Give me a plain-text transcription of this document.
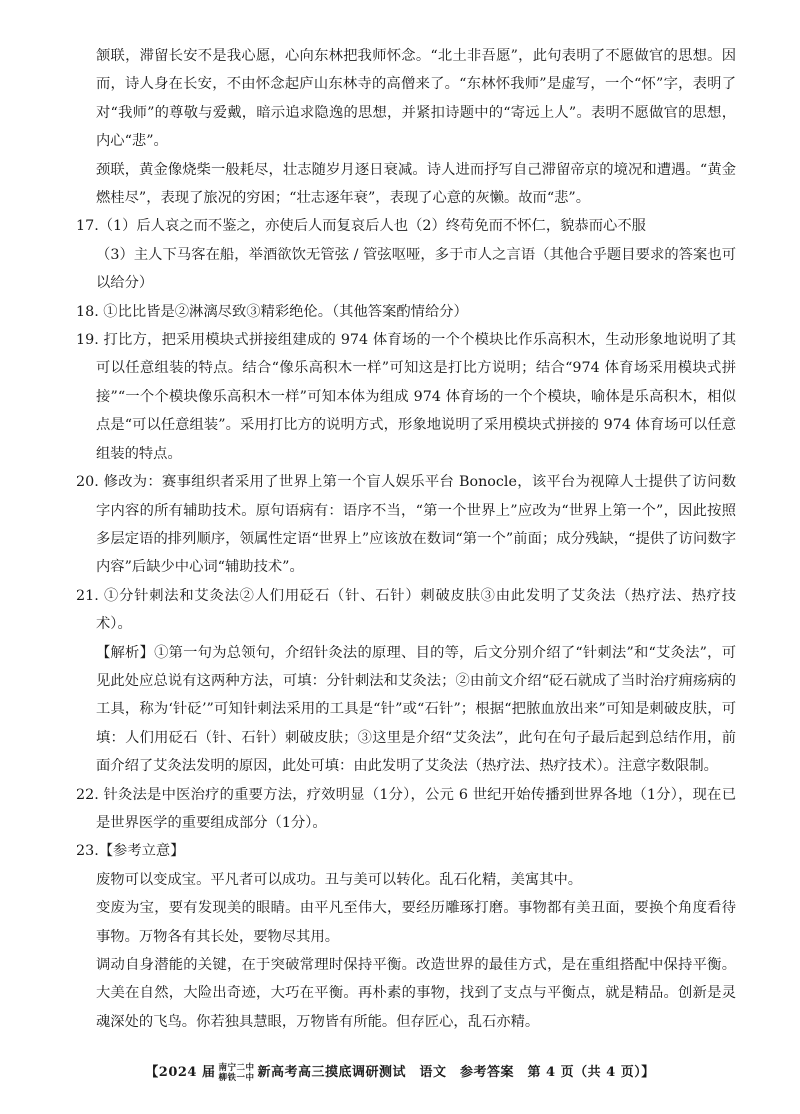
颔联，滞留长安不是我心愿，心向东林把我师怀念。“北土非吾愿”，此句表明了不愿做官的思想。因而，诗人身在长安，不由怀念起庐山东林寺的高僧来了。“东林怀我师”是虚写，一个“怀”字，表明了对“我师”的尊敬与爱戴，暗示追求隐逸的思想，并紧扣诗题中的“寄远上人”。表明不愿做官的思想，内心“悲”。

颈联，黄金像烧柴一般耗尽，壮志随岁月逐日衰减。诗人进而抒写自己滞留帝京的境况和遭遇。“黄金燃桂尽”，表现了旅况的穷困；“壮志逐年衰”，表现了心意的灰懒。故而“悲”。

17.（1）后人哀之而不鉴之，亦使后人而复哀后人也（2）终苟免而不怀仁，貌恭而心不服

（3）主人下马客在船，举酒欲饮无管弦 / 管弦呕哑，多于市人之言语（其他合乎题目要求的答案也可以给分）

18. ①比比皆是②淋漓尽致③精彩绝伦。（其他答案酌情给分）

19. 打比方，把采用模块式拼接组建成的 974 体育场的一个个模块比作乐高积木，生动形象地说明了其可以任意组装的特点。结合“像乐高积木一样”可知这是打比方说明；结合“974 体育场采用模块式拼接”“一个个模块像乐高积木一样”可知本体为组成 974 体育场的一个个模块，喻体是乐高积木，相似点是“可以任意组装”。采用打比方的说明方式，形象地说明了采用模块式拼接的 974 体育场可以任意组装的特点。

20. 修改为：赛事组织者采用了世界上第一个盲人娱乐平台 Bonocle，该平台为视障人士提供了访问数字内容的所有辅助技术。原句语病有：语序不当，“第一个世界上”应改为“世界上第一个”，因此按照多层定语的排列顺序，领属性定语“世界上”应该放在数词“第一个”前面；成分残缺，“提供了访问数字内容”后缺少中心词“辅助技术”。

21. ①分针刺法和艾灸法②人们用砭石（针、石针）刺破皮肤③由此发明了艾灸法（热疗法、热疗技术）。

【解析】①第一句为总领句，介绍针灸法的原理、目的等，后文分别介绍了“针刺法”和“艾灸法”，可见此处应总说有这两种方法，可填：分针刺法和艾灸法；②由前文介绍“砭石就成了当时治疗痈疡病的工具，称为‘针砭’”可知针刺法采用的工具是“针”或“石针”；根据“把脓血放出来”可知是刺破皮肤，可填：人们用砭石（针、石针）刺破皮肤；③这里是介绍“艾灸法”，此句在句子最后起到总结作用，前面介绍了艾灸法发明的原因，此处可填：由此发明了艾灸法（热疗法、热疗技术）。注意字数限制。

22. 针灸法是中医治疗的重要方法，疗效明显（1分），公元 6 世纪开始传播到世界各地（1分），现在已是世界医学的重要组成部分（1分）。

23.【参考立意】

废物可以变成宝。平凡者可以成功。丑与美可以转化。乱石化精，美寓其中。

变废为宝，要有发现美的眼睛。由平凡至伟大，要经历雕琢打磨。事物都有美丑面，要换个角度看待事物。万物各有其长处，要物尽其用。

调动自身潜能的关键，在于突破常理时保持平衡。改造世界的最佳方式，是在重组搭配中保持平衡。大美在自然，大险出奇迹，大巧在平衡。再朴素的事物，找到了支点与平衡点，就是精品。创新是灵魂深处的飞鸟。你若独具慧眼，万物皆有所能。但存匠心，乱石亦精。

【2024 届 南宁二中
柳铁一中 新高考高三摸底调研测试　语文　参考答案　第 4 页（共 4 页）】
